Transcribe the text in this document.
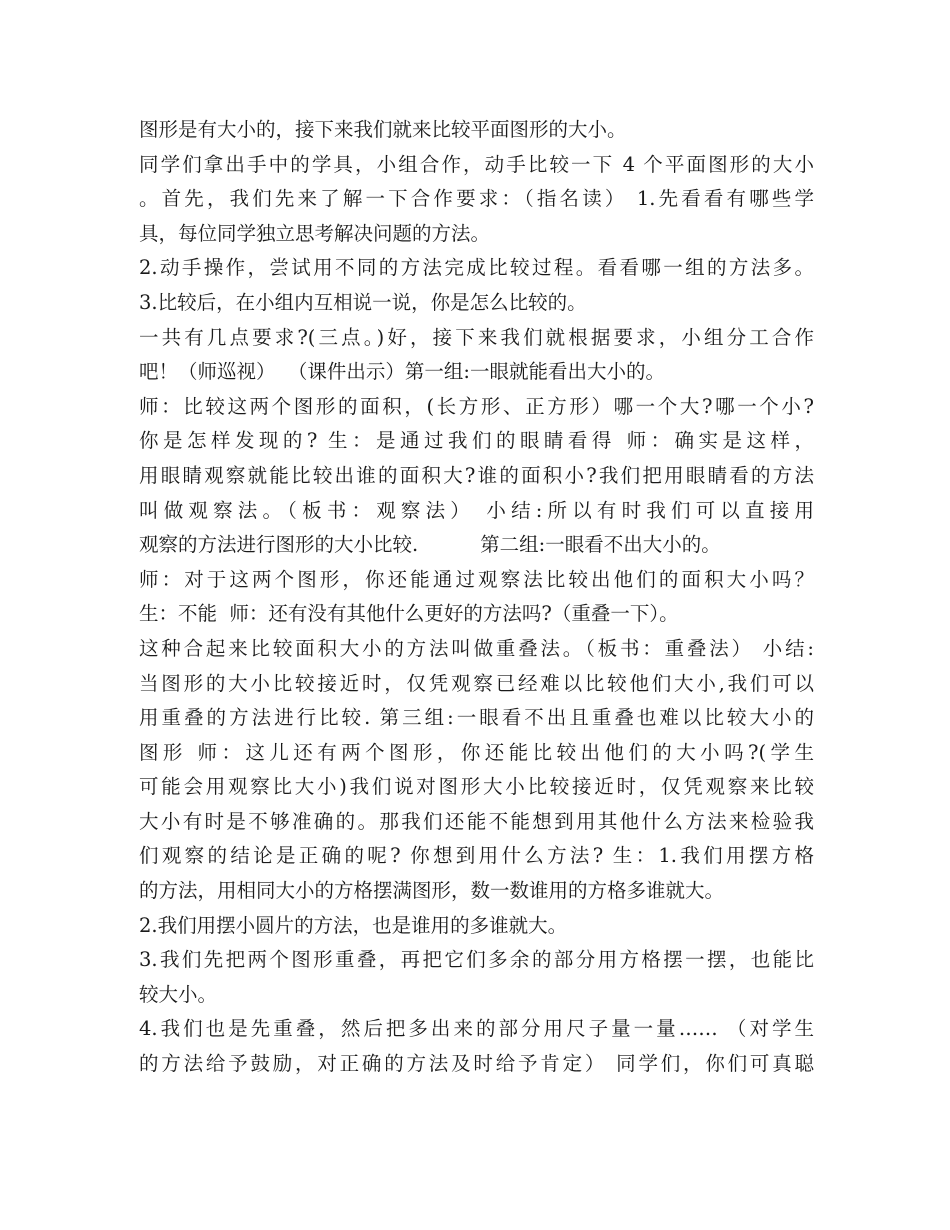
图形是有大小的，接下来我们就来比较平面图形的大小。
同学们拿出手中的学具，小组合作，动手比较一下 4 个平面图形的大小
。首先，我们先来了解一下合作要求：（指名读） 1.先看看有哪些学
具，每位同学独立思考解决问题的方法。
2.动手操作，尝试用不同的方法完成比较过程。看看哪一组的方法多。
3.比较后，在小组内互相说一说，你是怎么比较的。
一共有几点要求?(三点。)好，接下来我们就根据要求，小组分工合作
吧！（师巡视）  （课件出示）第一组:一眼就能看出大小的。
师：比较这两个图形的面积，(长方形、正方形）哪一个大?哪一个小?
你是怎样发现的? 生：是通过我们的眼睛看得 师：确实是这样，
用眼睛观察就能比较出谁的面积大?谁的面积小?我们把用眼睛看的方法
叫做观察法。（板书：观察法） 小结:所以有时我们可以直接用
观察的方法进行图形的大小比较.          第二组:一眼看不出大小的。
师：对于这两个图形，你还能通过观察法比较出他们的面积大小吗？
生：不能  师：还有没有其他什么更好的方法吗?（重叠一下）。
这种合起来比较面积大小的方法叫做重叠法。（板书：重叠法） 小结:
当图形的大小比较接近时，仅凭观察已经难以比较他们大小,我们可以
用重叠的方法进行比较. 第三组:一眼看不出且重叠也难以比较大小的
图形 师：这儿还有两个图形，你还能比较出他们的大小吗?(学生
可能会用观察比大小)我们说对图形大小比较接近时，仅凭观察来比较
大小有时是不够准确的。那我们还能不能想到用其他什么方法来检验我
们观察的结论是正确的呢? 你想到用什么方法? 生：1.我们用摆方格
的方法，用相同大小的方格摆满图形，数一数谁用的方格多谁就大。
2.我们用摆小圆片的方法，也是谁用的多谁就大。
3.我们先把两个图形重叠，再把它们多余的部分用方格摆一摆，也能比
较大小。
4.我们也是先重叠，然后把多出来的部分用尺子量一量…… （对学生
的方法给予鼓励，对正确的方法及时给予肯定） 同学们，你们可真聪
